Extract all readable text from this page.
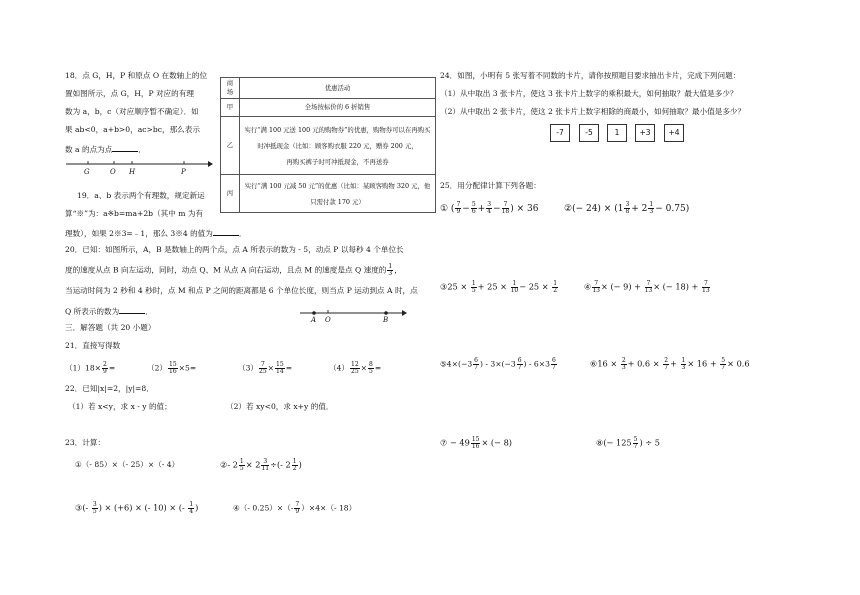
18．点 G，H，P 和原点 O 在数轴上的位
置如图所示，点 G，H，P 对应的有理
数为 a，b，c（对应顺序暂不确定）．如
果 ab<0，a+b>0，ac>bc，那么表示
数 a 的点为点	．
G	O H	P
19．a、b 表示两个有理数，规定新运
算“※”为：a※b=ma+2b（其中 m 为有
理数），如果 2※3=﹣1，那么 3※4 的值为	．
商场	优惠活动
甲	全场按标价的 6 折销售
乙	实行“满 100 元送 100 元的购物券”的优惠，购物券可以在再购买
时冲抵现金（比如：顾客购衣服 220 元，赠券 200 元，
再购买裤子时可冲抵现金，不再送券

丙	实行“满 100 元减 50 元”的优惠（比如：某顾客购物 320 元，他
只需付款 170 元）
20．已知：如图所示，A，B 是数轴上的两个点，点 A 所表示的数为 - 5，动点 P 以每秒 4 个单位长
度的速度从点 B 向左运动，同时，动点 Q、M 从点 A 向右运动，且点 M 的速度是点 Q 速度的 $\frac{1}{3}$ ，
当运动时间为 2 秒和 4 秒时，点 M 和点 P 之间的距离都是 6 个单位长度，则当点 P 运动到点 A 时，点
Q 所表示的数为	．
A O	B
三．解答题（共 20 小题）
21．直接写得数
$(1)18\times \frac{2}{9}$ =	$(2) \frac{15}{16} \times 5=$	$(3) \frac{7}{25} \times \frac{15}{14}$ =	$(4) \frac{12}{25} \times \frac{8}{5}$ =
22．已知|x|=2，|y|=8．
（1）若 x<y，求 x - y 的值；	（2）若 xy<0，求 x+y 的值．
23．计算：
①（- 85）×（- 25）×（- 4）	②- $2 \frac{1}{5} \times 2 \frac{3}{11}$ ÷(- $2 \frac{1}{2}$ )
③(- $\frac{3}{5}$ ) × (+6) × (- 10) × (- $\frac{1}{4}$ )	④（- $0.25)\times(- \frac{7}{9} )\times 4\times(-$ 18）
24．如图，小明有 5 张写着不同数的卡片，请你按照题目要求抽出卡片，完成下列问题：
（1）从中取出 3 张卡片，使这 3 张卡片上数字的乘积最大，如何抽取？最大值是多少？
（2）从中取出 2 张卡片，使这 2 张卡片上数字相除的商最小，如何抽取？最小值是多少？
-7	-5	1	+3	+4
25．用分配律计算下列各题：
① ( $\frac{7}{9} - \frac{5}{6} + \frac{3}{4} - \frac{7}{18}$ ) × 36	②(− $24) \times (1 \frac{3}{8} + 2 \frac{1}{3} - 0.75)$
③25 × $\frac{1}{5} + 25 \times \frac{1}{10} - 25 \times \frac{1}{2}$	④ $\frac{7}{13}$ × (− $9) + \frac{7}{13}$ × (− $18) + \frac{7}{13}$
⑤4×(−3 $\frac{6}{7}$ ) - $3\times(-3 \frac{6}{7}$ ) - $6\times 3 \frac{6}{7}$	⑥16 × $\frac{2}{3} + 0.6 \times \frac{2}{7} + \frac{1}{3} \times 16 + \frac{5}{7} \times 0.6$
⑦ − $49 \frac{15}{16}$ × (− 8)	⑧(− $125 \frac{5}{7}$ ) ÷ 5
